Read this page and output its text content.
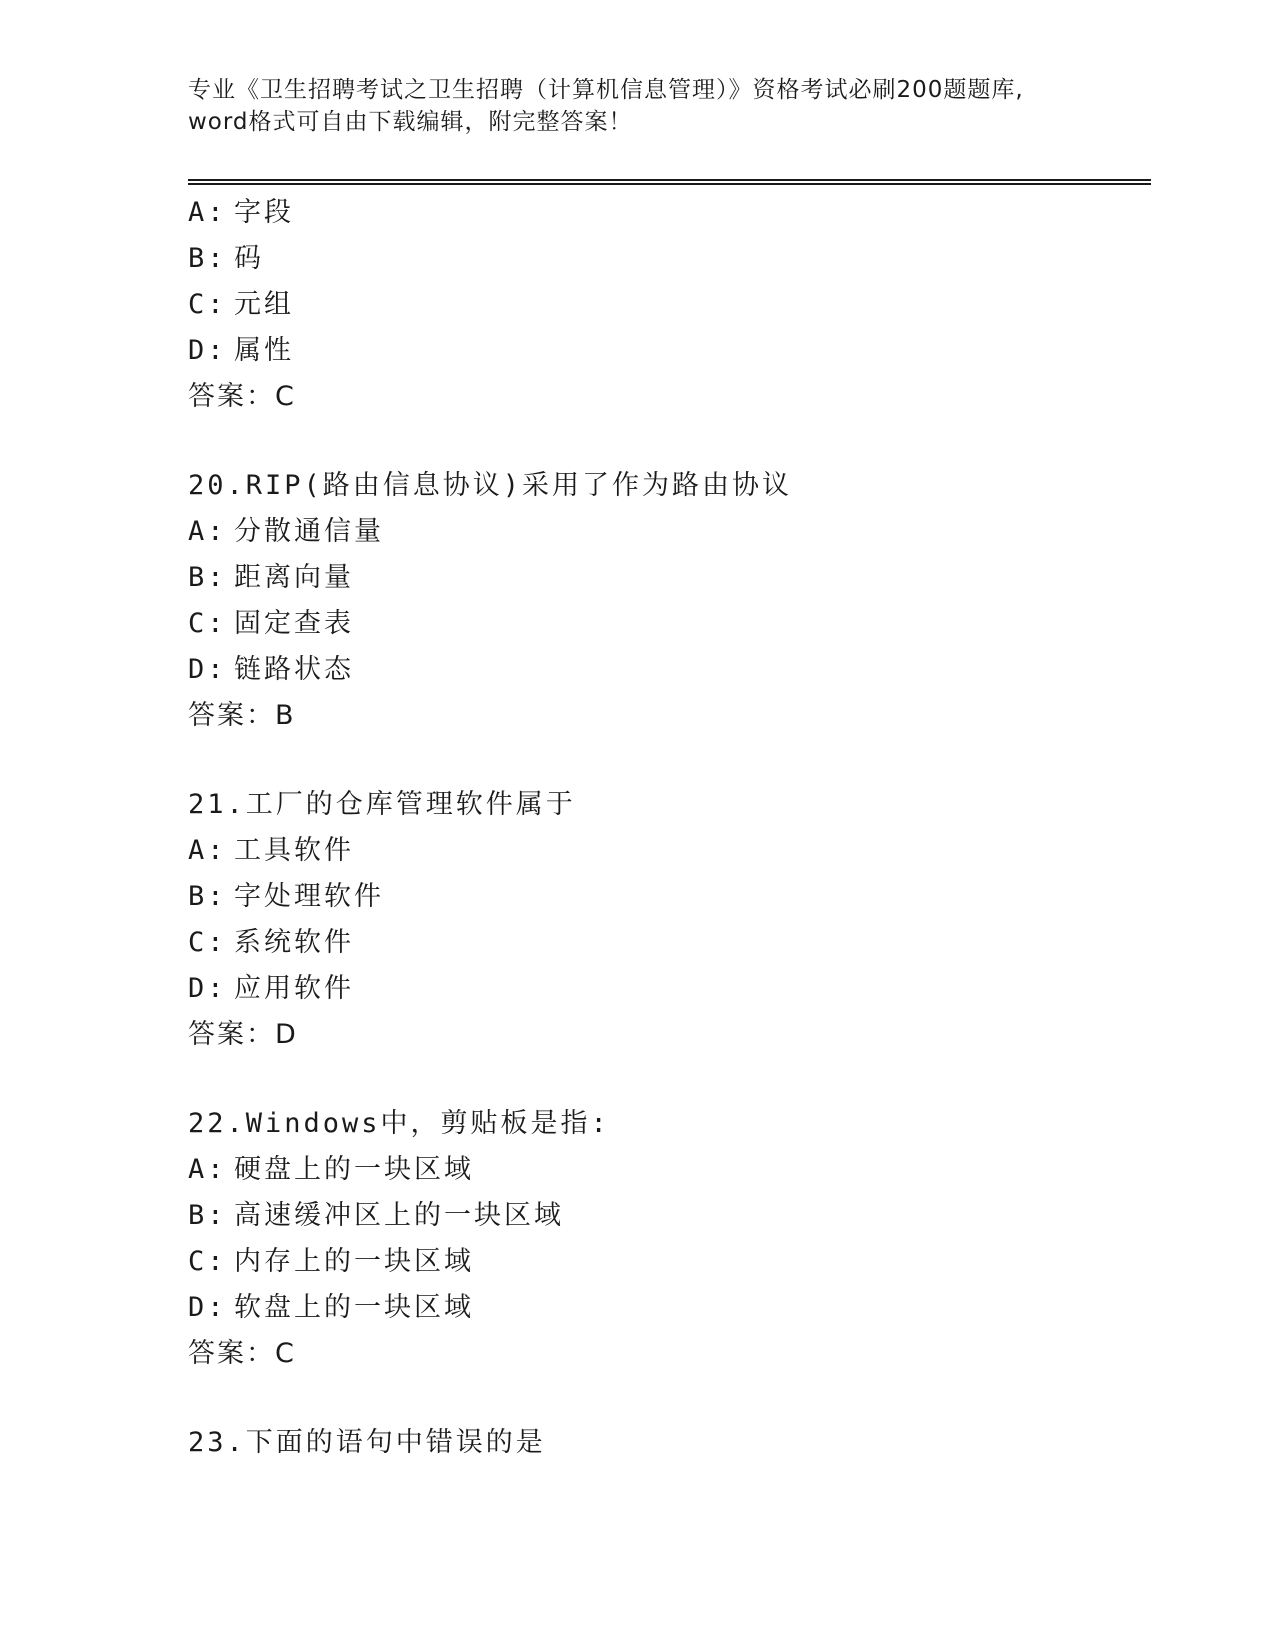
专业《卫生招聘考试之卫生招聘（计算机信息管理）》资格考试必刷200题题库,
word格式可自由下载编辑，附完整答案！
A: 字段
B: 码
C: 元组
D: 属性
答案：C
20.RIP(路由信息协议)采用了作为路由协议
A: 分散通信量
B: 距离向量
C: 固定查表
D: 链路状态
答案：B
21.工厂的仓库管理软件属于
A: 工具软件
B: 字处理软件
C: 系统软件
D: 应用软件
答案：D
22.Windows中，剪贴板是指:
A: 硬盘上的一块区域
B: 高速缓冲区上的一块区域
C: 内存上的一块区域
D: 软盘上的一块区域
答案：C
23.下面的语句中错误的是
